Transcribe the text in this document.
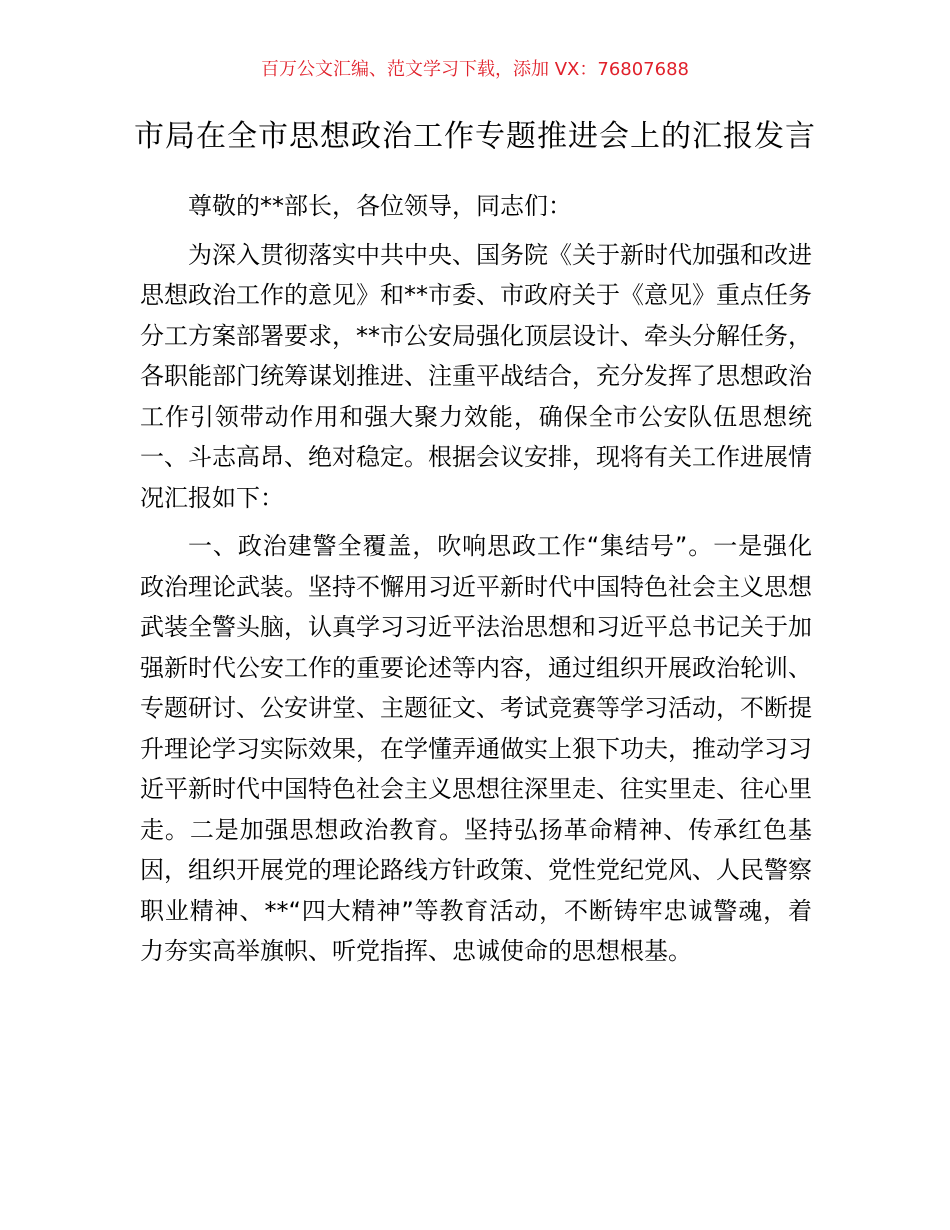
百万公文汇编、范文学习下载，添加 VX：76807688
市局在全市思想政治工作专题推进会上的汇报发言

尊敬的**部长，各位领导，同志们：

为深入贯彻落实中共中央、国务院《关于新时代加强和改进思想政治工作的意见》和**市委、市政府关于《意见》重点任务分工方案部署要求，**市公安局强化顶层设计、牵头分解任务，各职能部门统筹谋划推进、注重平战结合，充分发挥了思想政治工作引领带动作用和强大聚力效能，确保全市公安队伍思想统一、斗志高昂、绝对稳定。根据会议安排，现将有关工作进展情况汇报如下：

一、政治建警全覆盖，吹响思政工作“集结号”。一是强化政治理论武装。坚持不懈用习近平新时代中国特色社会主义思想武装全警头脑，认真学习习近平法治思想和习近平总书记关于加强新时代公安工作的重要论述等内容，通过组织开展政治轮训、专题研讨、公安讲堂、主题征文、考试竞赛等学习活动，不断提升理论学习实际效果，在学懂弄通做实上狠下功夫，推动学习习近平新时代中国特色社会主义思想往深里走、往实里走、往心里走。二是加强思想政治教育。坚持弘扬革命精神、传承红色基因，组织开展党的理论路线方针政策、党性党纪党风、人民警察职业精神、**“四大精神”等教育活动，不断铸牢忠诚警魂，着力夯实高举旗帜、听党指挥、忠诚使命的思想根基。
